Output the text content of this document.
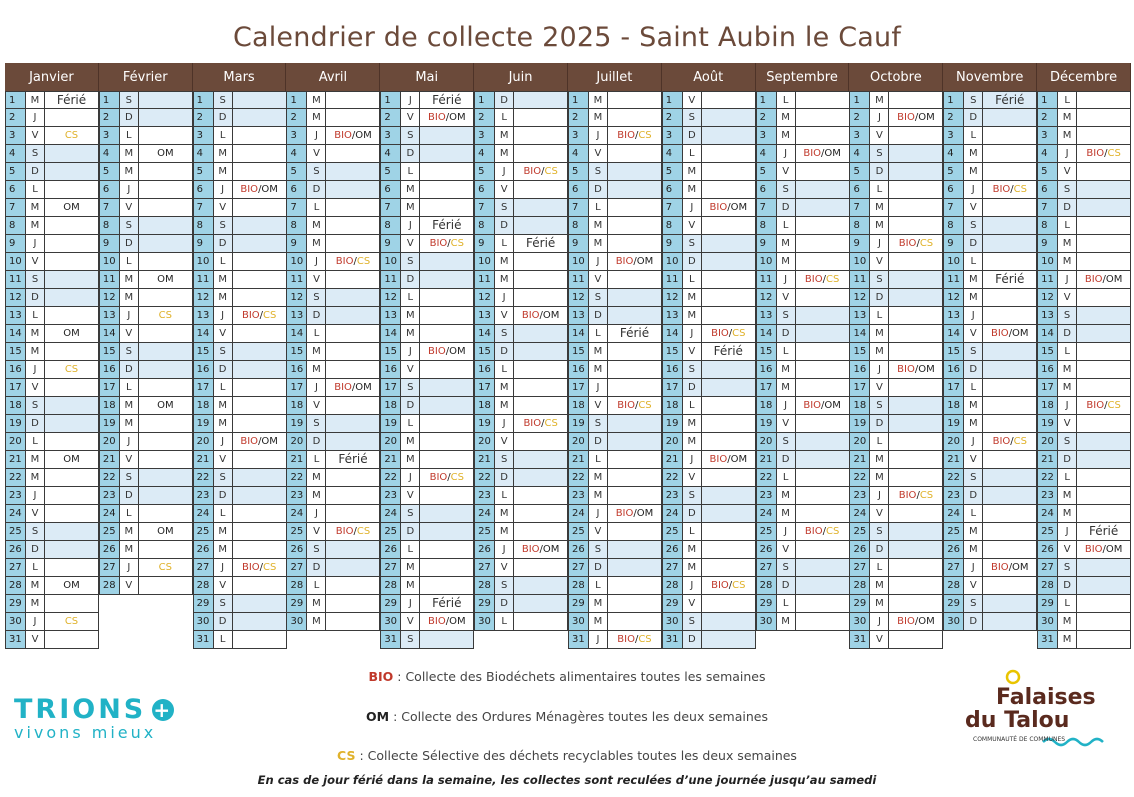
Calendrier de collecte 2025 - Saint Aubin le Cauf
Janvier
1	M	Férié
2	J
3	V	CS
4	S
5	D
6	L
7	M	OM
8	M
9	J
10 V
11	S
12 D
13	L
14 M	OM
15 M
16	J	CS
17 V
18	S
19 D
20	L
21 M	OM
22 M
23	J
24 V
25	S
26 D
27	L
28 M	OM
29 M
30	J	CS
31 V
Février
1	S
2	D
3	L
4	M	OM
5	M
6	J
7	V
8	S
9	D
10	L
11 M	OM
12 M
13	J	CS
14 V
15	S
16 D
17	L
18 M	OM
19 M
20	J
21 V
22	S
23 D
24	L
25 M	OM
26 M
27	J	CS
28 V
Mars
1	S
2	D
3	L
4	M
5	M
6	J	BIO/OM
7	V
8	S
9	D
10	L
11 M
12 M
13	J	BIO/CS
14 V
15	S
16 D
17	L
18 M
19 M
20	J	BIO/OM
21 V
22	S
23 D
24	L
25 M
26 M
27	J	BIO/CS
28 V
29	S
30 D
31	L
Avril
1	M
2	M
3	J	BIO/OM
4	V
5	S
6	D
7	L
8	M
9	M
10	J	BIO/CS
11 V
12	S
13 D
14	L
15 M
16 M
17	J	BIO/OM
18 V
19	S
20 D
21	L	Férié
22 M
23 M
24	J
25 V	BIO/CS
26	S
27 D
28	L
29 M
30 M
Mai
1	J	Férié
2	V	BIO/OM
3	S
4	D
5	L
6	M
7	M
8	J	Férié
9	V	BIO/CS
10	S
11 D
12	L
13 M
14 M
15	J	BIO/OM
16 V
17	S
18 D
19	L
20 M
21 M
22	J	BIO/CS
23 V
24	S
25 D
26	L
27 M
28 M
29	J	Férié
30 V	BIO/OM
31	S
Juin
1	D
2	L
3	M
4	M
5	J	BIO/CS
6	V
7	S
8	D
9	L	Férié
10 M
11 M
12	J
13 V	BIO/OM
14	S
15 D
16	L
17 M
18 M
19	J	BIO/CS
20 V
21	S
22 D
23	L
24 M
25 M
26	J	BIO/OM
27 V
28	S
29 D
30	L
Juillet
1	M
2	M
3	J	BIO/CS
4	V
5	S
6	D
7	L
8	M
9	M
10	J	BIO/OM
11 V
12	S
13 D
14	L	Férié
15 M
16 M
17	J
18 V	BIO/CS
19	S
20 D
21	L
22 M
23 M
24	J	BIO/OM
25 V
26	S
27 D
28	L
29 M
30 M
31	J	BIO/CS
Août
1	V
2	S
3	D
4	L
5	M
6	M
7	J	BIO/OM
8	V
9	S
10 D
11	L
12 M
13 M
14	J	BIO/CS
15 V	Férié
16	S
17 D
18	L
19 M
20 M
21	J	BIO/OM
22 V
23	S
24 D
25	L
26 M
27 M
28	J	BIO/CS
29 V
30	S
31 D
Septembre
1	L
2	M
3	M
4	J	BIO/OM
5	V
6	S
7	D
8	L
9	M
10 M
11	J	BIO/CS
12 V
13	S
14 D
15	L
16 M
17 M
18	J	BIO/OM
19 V
20	S
21 D
22	L
23 M
24 M
25	J	BIO/CS
26 V
27	S
28 D
29	L
30 M
Octobre
1	M
2	J	BIO/OM
3	V
4	S
5	D
6	L
7	M
8	M
9	J	BIO/CS
10 V
11	S
12 D
13	L
14 M
15 M
16	J	BIO/OM
17 V
18	S
19 D
20	L
21 M
22 M
23	J	BIO/CS
24 V
25	S
26 D
27	L
28 M
29 M
30	J	BIO/OM
31 V
Novembre
1	S	Férié
2	D
3	L
4	M
5	M
6	J	BIO/CS
7	V
8	S
9	D
10	L
11 M	Férié
12 M
13	J
14 V	BIO/OM
15	S
16 D
17	L
18 M
19 M
20	J	BIO/CS
21 V
22	S
23 D
24	L
25 M
26 M
27	J	BIO/OM
28 V
29	S
30 D
Décembre
1	L
2	M
3	M
4	J	BIO/CS
5	V
6	S
7	D
8	L
9	M
10 M
11	J	BIO/OM
12 V
13	S
14 D
15	L
16 M
17 M
18	J	BIO/CS
19 V
20	S
21 D
22	L
23 M
24 M
25	J	Férié
26 V	BIO/OM
27	S
28 D
29	L
30 M
31 M
BIO : Collecte des Biodéchets alimentaires toutes les semaines
OM : Collecte des Ordures Ménagères toutes les deux semaines
CS : Collecte Sélective des déchets recyclables toutes les deux semaines
En cas de jour férié dans la semaine, les collectes sont reculées d’une journée jusqu’au samedi
TRIONS +
vivons mieux
Falaises
du Talou
COMMUNAUTÉ DE COMMUNES
